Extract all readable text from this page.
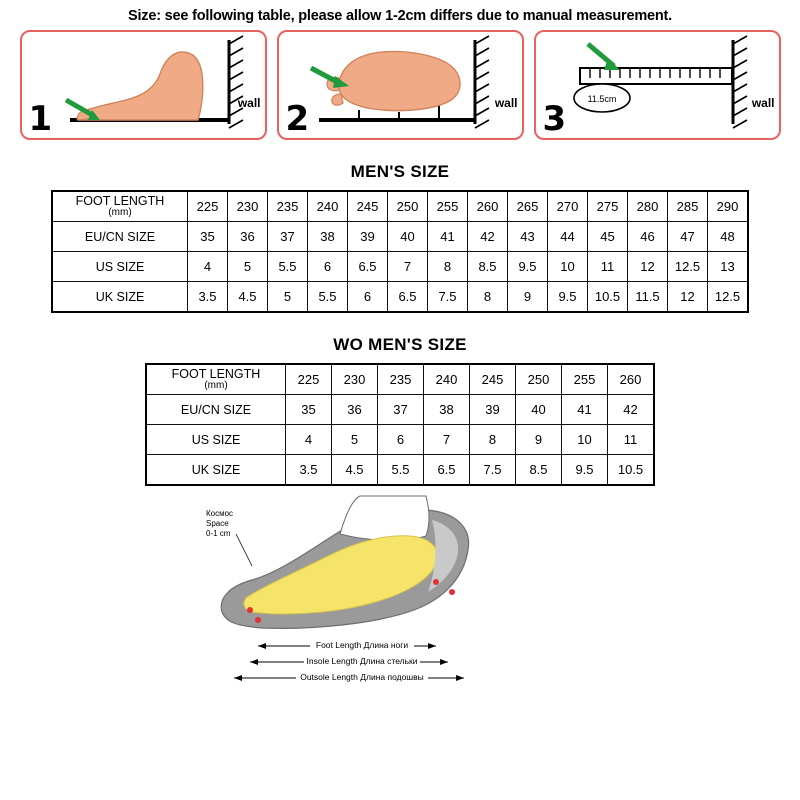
Size: see following table, please allow 1-2cm differs due to manual measurement.
1	wall 2	wall	11.5cm
3	wall
MEN'S SIZE
FOOT LENGTH
(mm)	225	230	235	240	245	250	255	260	265	270	275	280	285	290
EU/CN SIZE	35	36	37	38	39	40	41	42	43	44	45	46	47	48
US SIZE	4	5	5.5	6	6.5	7	8	8.5	9.5	10	11	12	12.5	13
UK SIZE	3.5	4.5	5	5.5	6	6.5	7.5	8	9	9.5	10.5	11.5	12	12.5
WO MEN'S SIZE
FOOT LENGTH
(mm)	225	230	235	240	245	250	255	260
EU/CN SIZE	35	36	37	38	39	40	41	42
US SIZE	4	5	6	7	8	9	10	11
UK SIZE	3.5	4.5	5.5	6.5	7.5	8.5	9.5	10.5
Космос
Space
0-1 cm
Foot Length Длина ноги
Insole Length Длина стельки
Outsole Length Длина подошвы
